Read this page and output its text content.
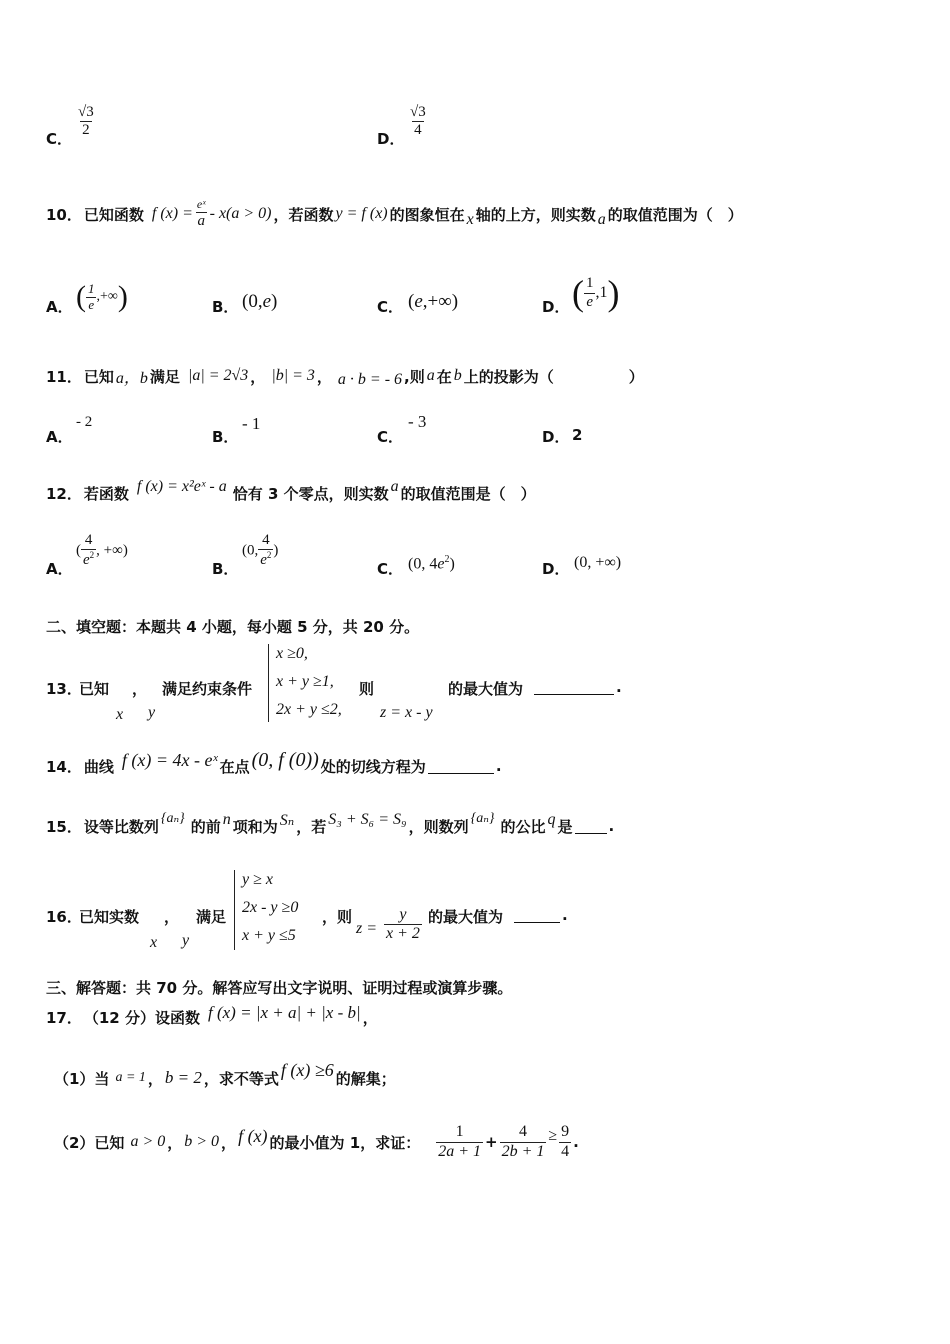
C． $\frac{√3}{2}$	D． $\frac{√3}{4}$
10． 已知函数 f $(x) = \frac{\text{eˣ}}{a} - x(a > 0)$ ，若函数 y = f (x) 的图象恒在 x 轴的上方，则实数 a 的取值范围为（　）
A． ( $\frac{1}{e}$ ,+∞)	B． (0,e)	C． (e,+∞)	D． ( $\frac{1}{e} ,1$)
11． 已知 a，b 满足 |a| = 2√3 ， |b| = 3 ， a · b = - 6 ,则 a 在 b 上的投影为（　　　　　）
A．
- 2
B．
- 1
C．
- 3
D． 2
12． 若函数 f (x) = x²eˣ - a 恰有 3 个零点，则实数 a 的取值范围是（　）
A．
( $\frac{4}{e^2}$ , +∞)
B．
(0, $\frac{4}{e^2}$ )
C． (0, $4e^2$)	D． (0, +∞)
二、填空题：本题共 4 小题，每小题 5 分，共 20 分。
13．
已知 ，
x y
满足约束条件
x ≥0,
x + y ≥1,
2x + y ≤2,
则
z = x - y
的最大值为	.
14． 曲线 f (x) = 4x - eˣ 在点 (0, f (0)) 处的切线方程为	.
15． 设等比数列 {aₙ} 的前 n 项和为 Sₙ ，若 S₃ + S₆ = S₉ ，则数列 {aₙ} 的公比 q 是 .
16．
已知实数 ，
x y
满足
y ≥ x
2x - y ≥0
x + y ≤5
，则
$z = \frac{y}{x + 2}$ 的最大值为	.
三、解答题：共 70 分。解答应写出文字说明、证明过程或演算步骤。
17． （12 分）设函数 f (x) = |x + a| + |x - b| ，
（1）当 a = 1 ， b = 2 ，求不等式 f (x) ≥6 的解集；
（2）已知 a > 0 ， b > 0 ， f (x) 的最小值为 1，求证： $\frac{1}{2a + 1} + \frac{4}{2b + 1} \ge \frac{9}{4}$ .
